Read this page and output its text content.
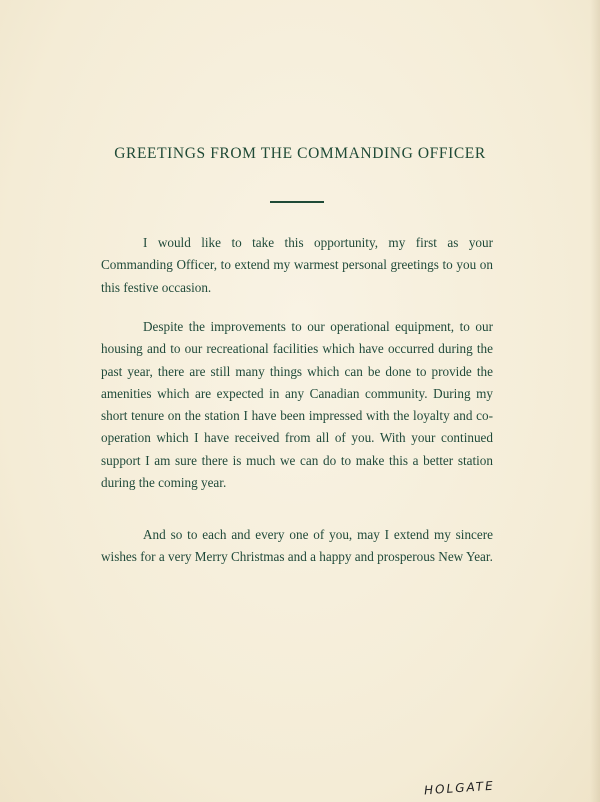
GREETINGS FROM THE COMMANDING OFFICER

I would like to take this opportunity, my first as your Commanding Officer, to extend my warmest personal greetings to you on this festive occasion.

Despite the improvements to our operational equipment, to our housing and to our recreational facilities which have occurred during the past year, there are still many things which can be done to provide the amenities which are expected in any Canadian community. During my short tenure on the station I have been impressed with the loyalty and co-operation which I have received from all of you. With your continued support I am sure there is much we can do to make this a better station during the coming year.

And so to each and every one of you, may I extend my sincere wishes for a very Merry Christmas and a happy and prosperous New Year.

HOLGATE
